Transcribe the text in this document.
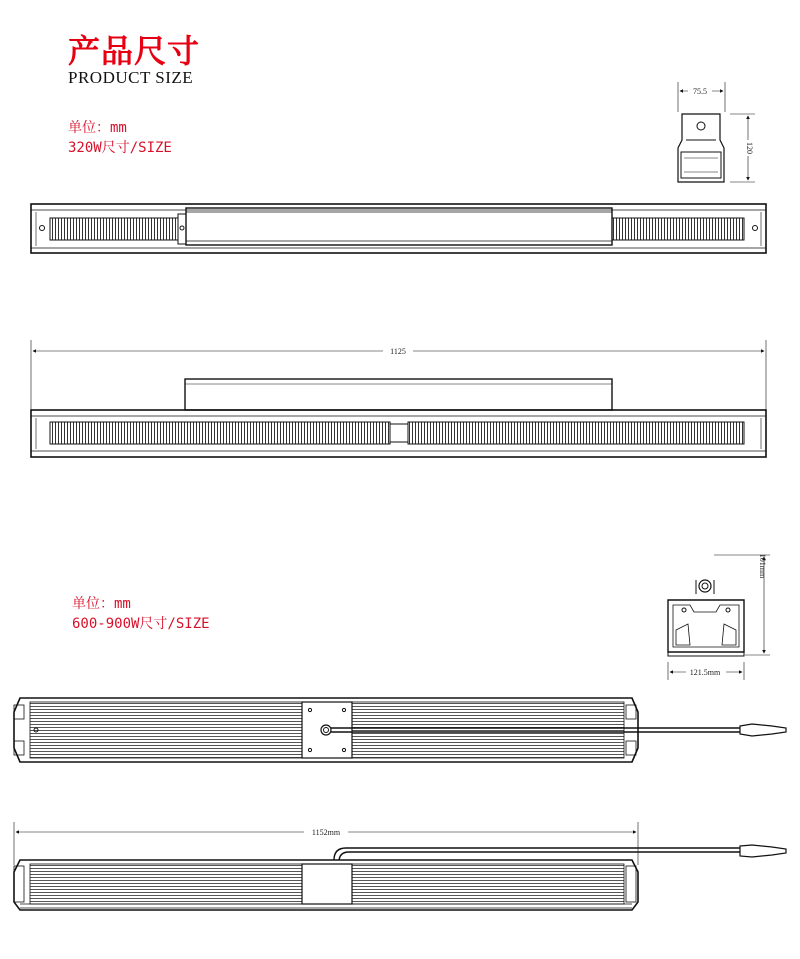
产品尺寸
PRODUCT SIZE
单位：mm
320W尺寸/SIZE
单位：mm
600-900W尺寸/SIZE
75.5
120
1125
101mm
121.5mm
1152mm
